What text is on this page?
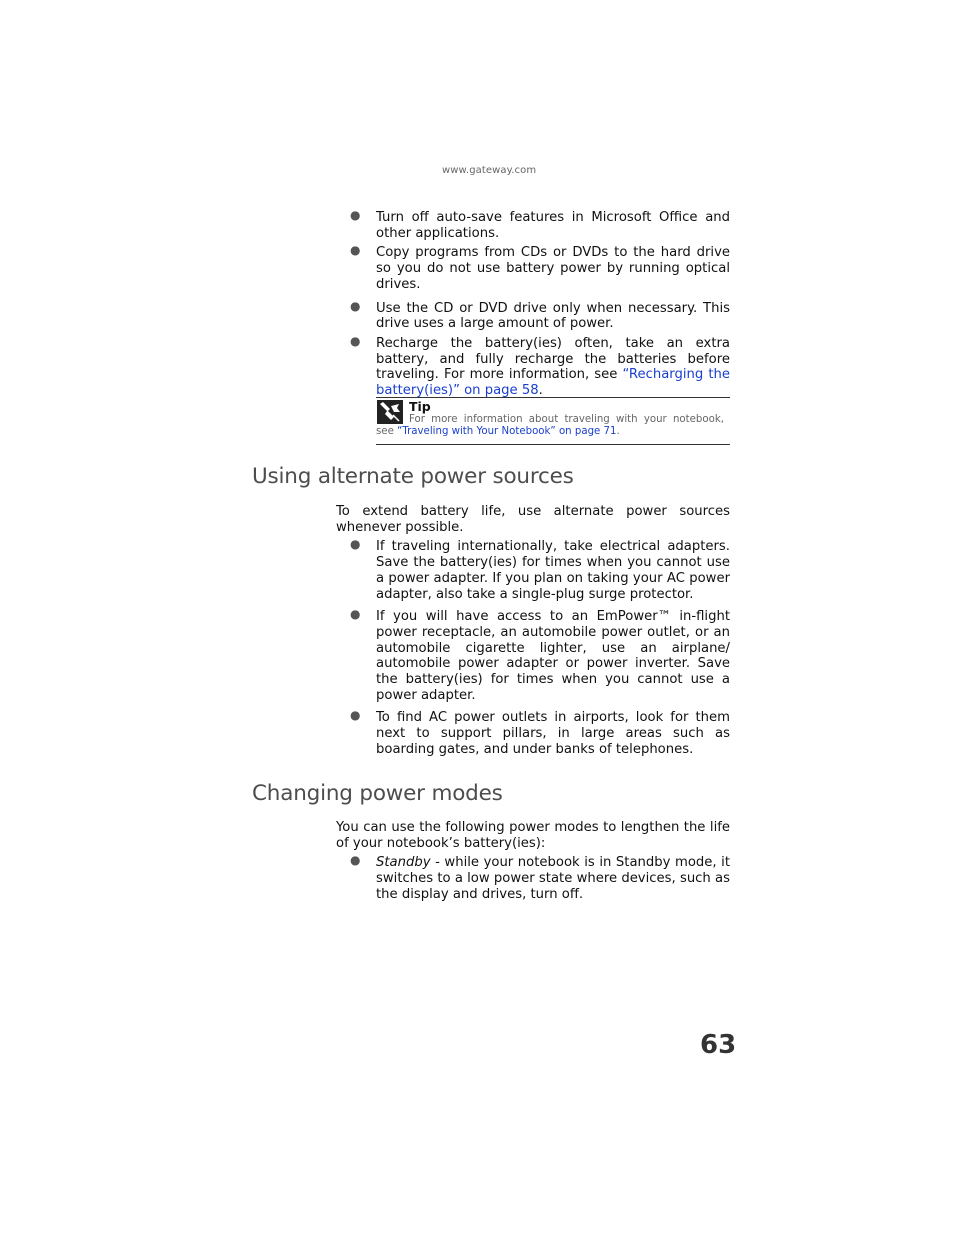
www.gateway.com
● Turn off auto-save features in Microsoft Office and other applications.
● Copy programs from CDs or DVDs to the hard drive so you do not use battery power by running optical drives.
● Use the CD or DVD drive only when necessary. This drive uses a large amount of power.
● Recharge the battery(ies) often, take an extra battery, and fully recharge the batteries before traveling. For more information, see “Recharging the battery(ies)” on page 58.
Tip
For more information about traveling with your notebook, see “Traveling with Your Notebook” on page 71.
Using alternate power sources

To extend battery life, use alternate power sources whenever possible.

● If traveling internationally, take electrical adapters. Save the battery(ies) for times when you cannot use a power adapter. If you plan on taking your AC power adapter, also take a single-plug surge protector.
● If you will have access to an EmPower™ in-flight power receptacle, an automobile power outlet, or an automobile cigarette lighter, use an airplane/ automobile power adapter or power inverter. Save the battery(ies) for times when you cannot use a power adapter.
● To find AC power outlets in airports, look for them next to support pillars, in large areas such as boarding gates, and under banks of telephones.
Changing power modes

You can use the following power modes to lengthen the life of your notebook’s battery(ies):

● Standby - while your notebook is in Standby mode, it switches to a low power state where devices, such as the display and drives, turn off.
63
